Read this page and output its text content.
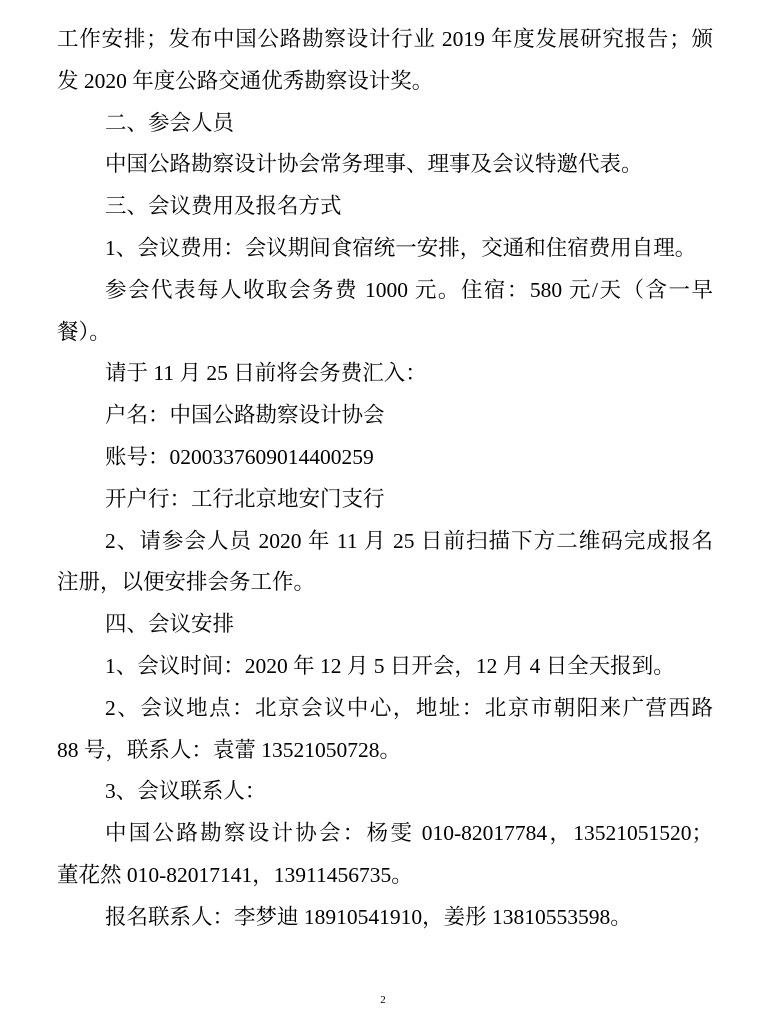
工作安排；发布中国公路勘察设计行业 2019 年度发展研究报告；颁
发 2020 年度公路交通优秀勘察设计奖。
二、参会人员
中国公路勘察设计协会常务理事、理事及会议特邀代表。
三、会议费用及报名方式
1、会议费用：会议期间食宿统一安排，交通和住宿费用自理。
参会代表每人收取会务费 1000 元。住宿：580 元/天（含一早
餐）。
请于 11 月 25 日前将会务费汇入：
户名：中国公路勘察设计协会
账号：0200337609014400259
开户行：工行北京地安门支行
2、请参会人员 2020 年 11 月 25 日前扫描下方二维码完成报名
注册，以便安排会务工作。
四、会议安排
1、会议时间：2020 年 12 月 5 日开会，12 月 4 日全天报到。
2、会议地点：北京会议中心，地址：北京市朝阳来广营西路
88 号，联系人：袁蕾 13521050728。
3、会议联系人：
中国公路勘察设计协会：杨雯 010-82017784，13521051520；
董花然 010-82017141，13911456735。
报名联系人：李梦迪 18910541910，姜彤 13810553598。
2
